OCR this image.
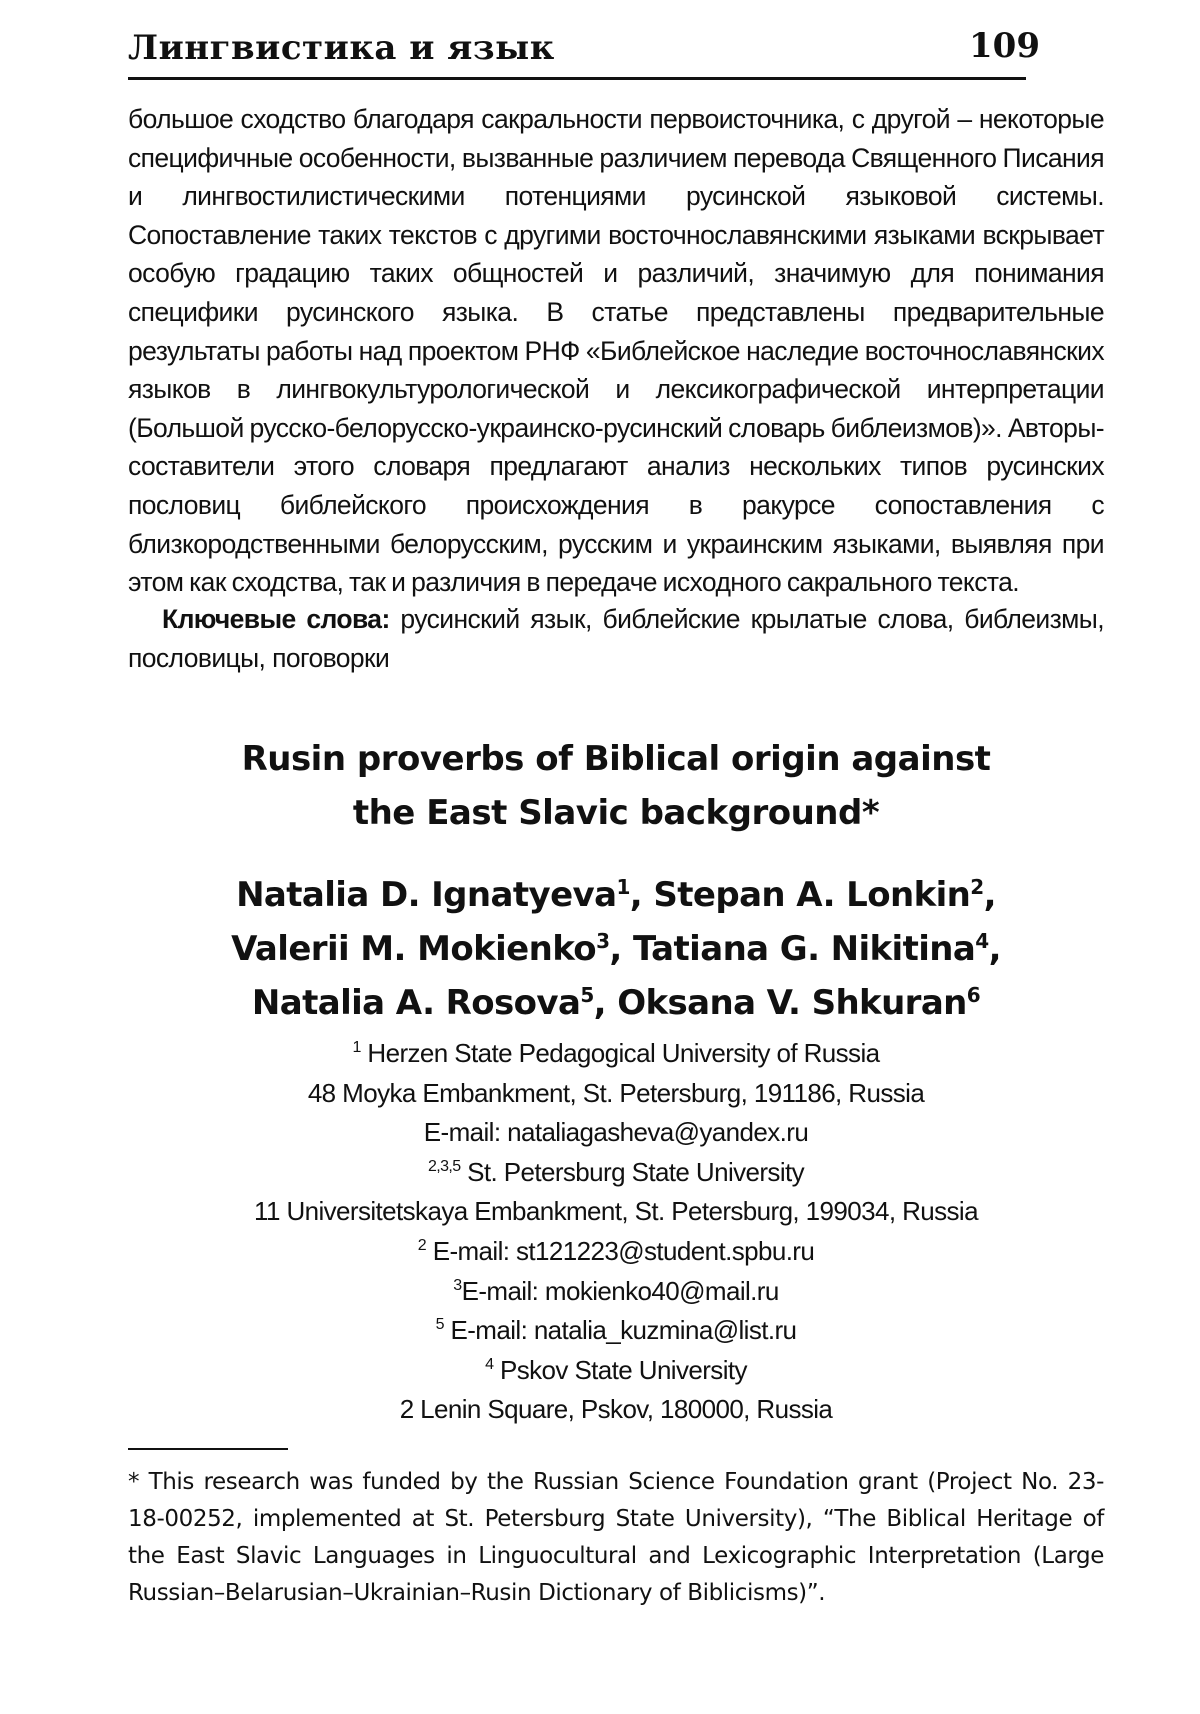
Лингвистика и язык	109
большое сходство благодаря сакральности первоисточника, с другой – некоторые специфичные особенности, вызванные различием перевода Священного Писания и лингвостилистическими потенциями русинской языковой системы. Сопоставление таких текстов с другими восточнославянскими языками вскрывает особую градацию таких общностей и различий, значимую для понимания специфики русинского языка. В статье представлены предварительные результаты работы над проектом РНФ «Библейское наследие восточнославянских языков в лингвокультурологической и лексикографической интерпретации (Большой русско-белорусско-украинско-русинский словарь библеизмов)». Авторы-составители этого словаря предлагают анализ нескольких типов русинских пословиц библейского происхождения в ракурсе сопоставления с близкородственными белорусским, русским и украинским языками, выявляя при этом как сходства, так и различия в передаче исходного сакрального текста.
Ключевые слова: русинский язык, библейские крылатые слова, библеизмы, пословицы, поговорки
Rusin proverbs of Biblical origin against
the East Slavic background*
Natalia D. Ignatyeva$^1$, Stepan A. Lonkin$^2$,
Valerii M. Mokienko$^3$, Tatiana G. Nikitina$^4$,
Natalia A. Rosova$^5$, Oksana V. Shkuran$^6$
$^1$ Herzen State Pedagogical University of Russia
48 Moyka Embankment, St. Petersburg, 191186, Russia
E-mail: nataliagasheva@yandex.ru
$^{2,3,5}$ St. Petersburg State University
11 Universitetskaya Embankment, St. Petersburg, 199034, Russia
$^2$ E-mail: st121223@student.spbu.ru
$^3$E-mail: mokienko40@mail.ru
$^5$ E-mail: natalia_kuzmina@list.ru
$^4$ Pskov State University
2 Lenin Square, Pskov, 180000, Russia
* This research was funded by the Russian Science Foundation grant (Project No. 23-18-00252, implemented at St. Petersburg State University), “The Biblical Heritage of the East Slavic Languages in Linguocultural and Lexicographic Interpretation (Large Russian–Belarusian–Ukrainian–Rusin Dictionary of Biblicisms)”.
